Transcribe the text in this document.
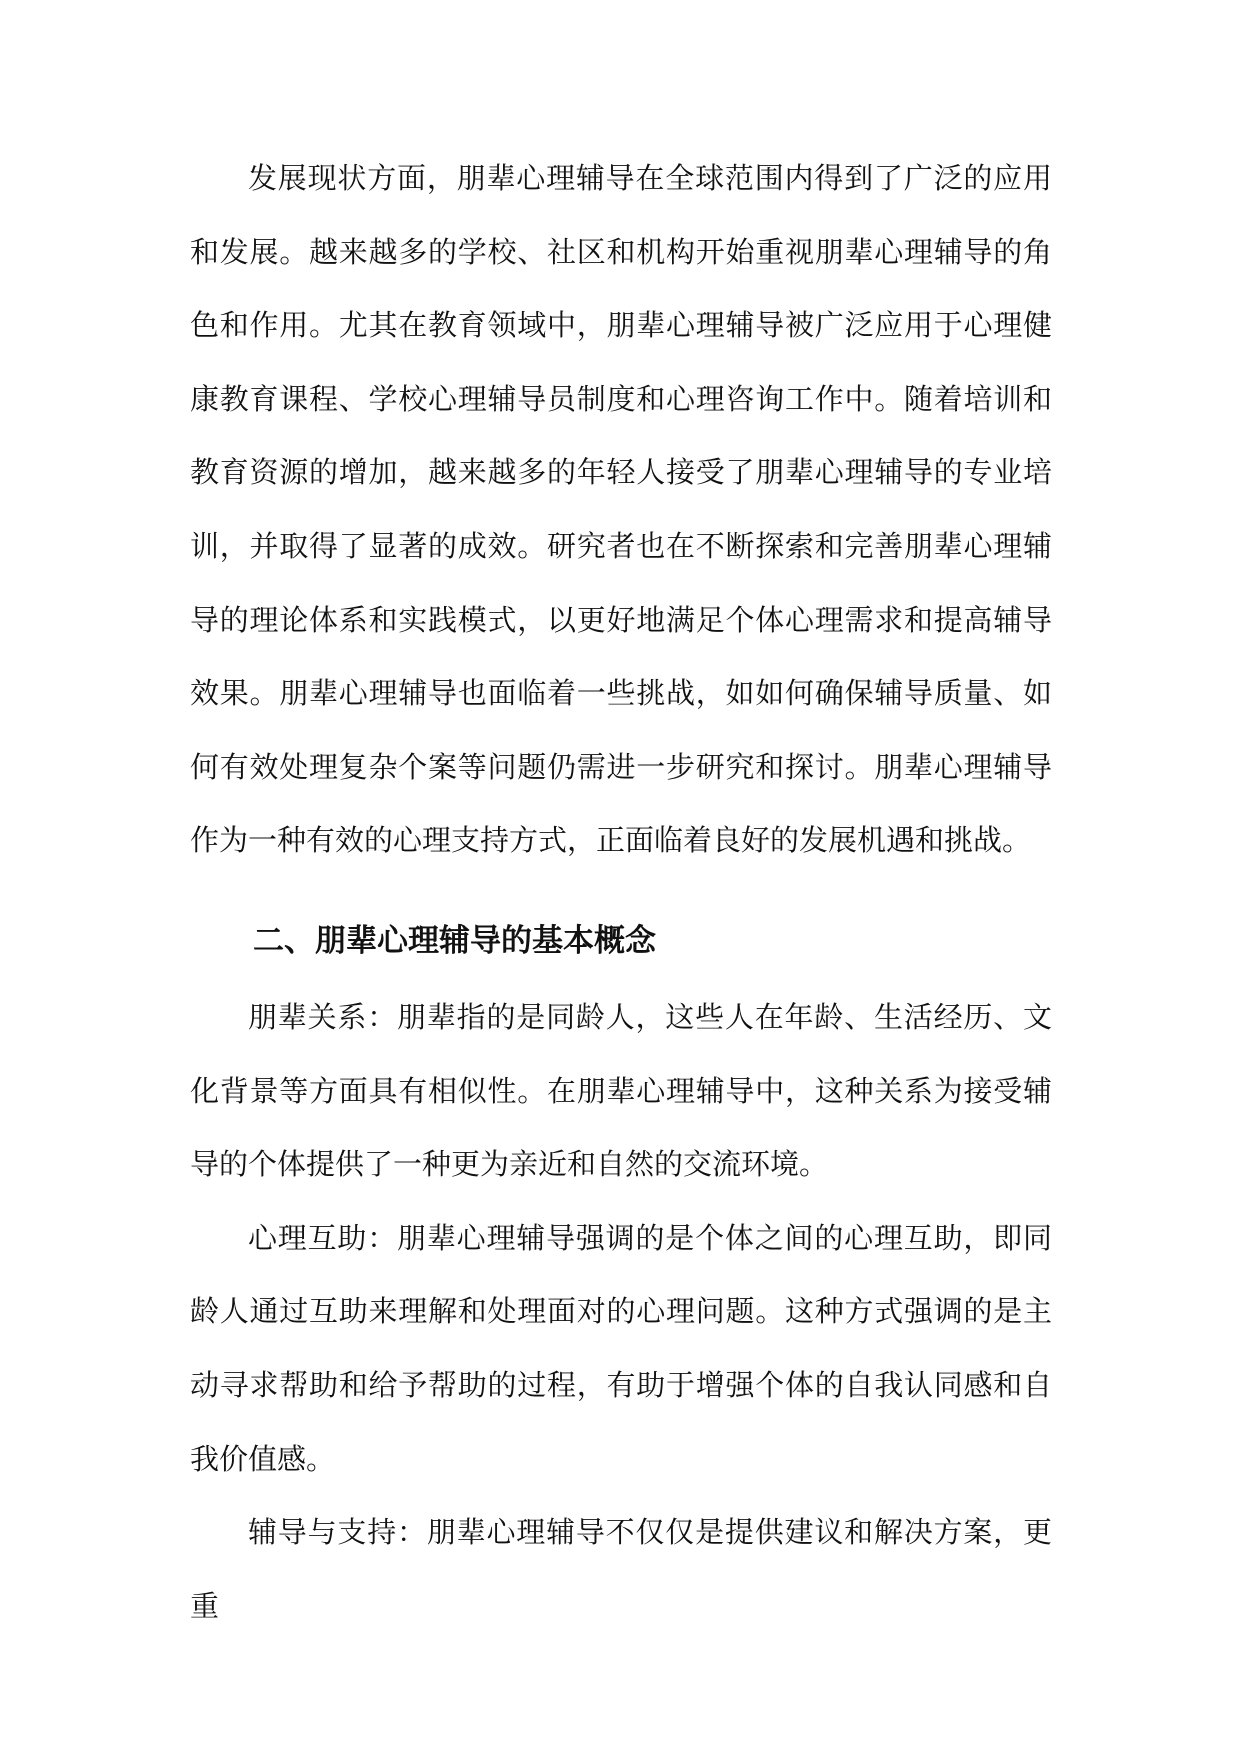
发展现状方面，朋辈心理辅导在全球范围内得到了广泛的应用和发展。越来越多的学校、社区和机构开始重视朋辈心理辅导的角色和作用。尤其在教育领域中，朋辈心理辅导被广泛应用于心理健康教育课程、学校心理辅导员制度和心理咨询工作中。随着培训和教育资源的增加，越来越多的年轻人接受了朋辈心理辅导的专业培训，并取得了显著的成效。研究者也在不断探索和完善朋辈心理辅导的理论体系和实践模式，以更好地满足个体心理需求和提高辅导效果。朋辈心理辅导也面临着一些挑战，如如何确保辅导质量、如何有效处理复杂个案等问题仍需进一步研究和探讨。朋辈心理辅导作为一种有效的心理支持方式，正面临着良好的发展机遇和挑战。

二、朋辈心理辅导的基本概念

朋辈关系：朋辈指的是同龄人，这些人在年龄、生活经历、文化背景等方面具有相似性。在朋辈心理辅导中，这种关系为接受辅导的个体提供了一种更为亲近和自然的交流环境。

心理互助：朋辈心理辅导强调的是个体之间的心理互助，即同龄人通过互助来理解和处理面对的心理问题。这种方式强调的是主动寻求帮助和给予帮助的过程，有助于增强个体的自我认同感和自我价值感。

辅导与支持：朋辈心理辅导不仅仅是提供建议和解决方案，更重
